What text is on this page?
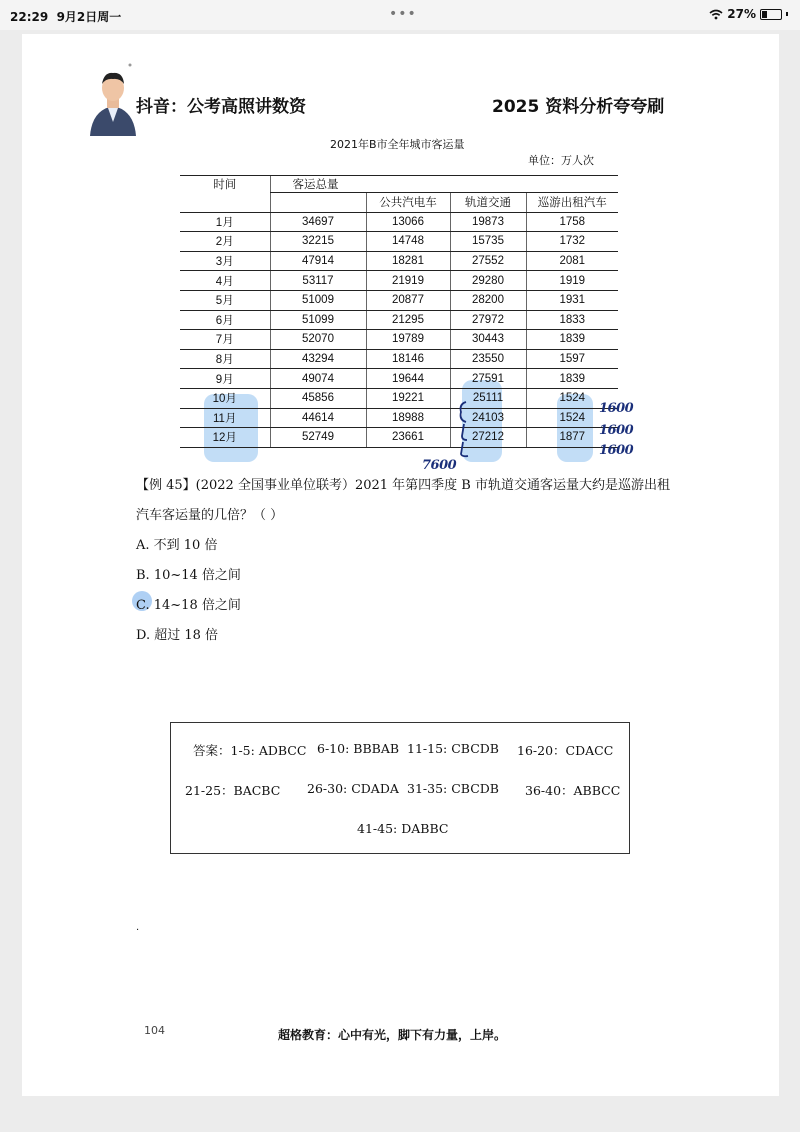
22:29 9月2日周一	•••	27%
抖音：公考高照讲数资	2025 资料分析夸夸刷
2021年B市全年城市客运量
单位：万人次
时间	客运总量			
		公共汽电车	轨道交通	巡游出租汽车
1月	34697	13066	19873	1758
2月	32215	14748	15735	1732
3月	47914	18281	27552	2081
4月	53117	21919	29280	1919
5月	51009	20877	28200	1931
6月	51099	21295	27972	1833
7月	52070	19789	30443	1839
8月	43294	18146	23550	1597
9月	49074	19644	27591	1839
10月	45856	19221	25111	1524
11月	44614	18988	24103	1524
12月	52749	23661	27212	1877
1600
1600
1600
7600
【例 45】(2022 全国事业单位联考）2021 年第四季度 B 市轨道交通客运量大约是巡游出租
汽车客运量的几倍？（ ）
A. 不到 10 倍
B. 10~14 倍之间
C. 14~18 倍之间
D. 超过 18 倍
答案：1-5: ADBCC 6-10: BBBAB 11-15: CBCDB 16-20：CDACC
21-25：BACBC 26-30: CDADA 31-35: CBCDB 36-40：ABBCC
41-45: DABBC
.
104	超格教育：心中有光，脚下有力量，上岸。
